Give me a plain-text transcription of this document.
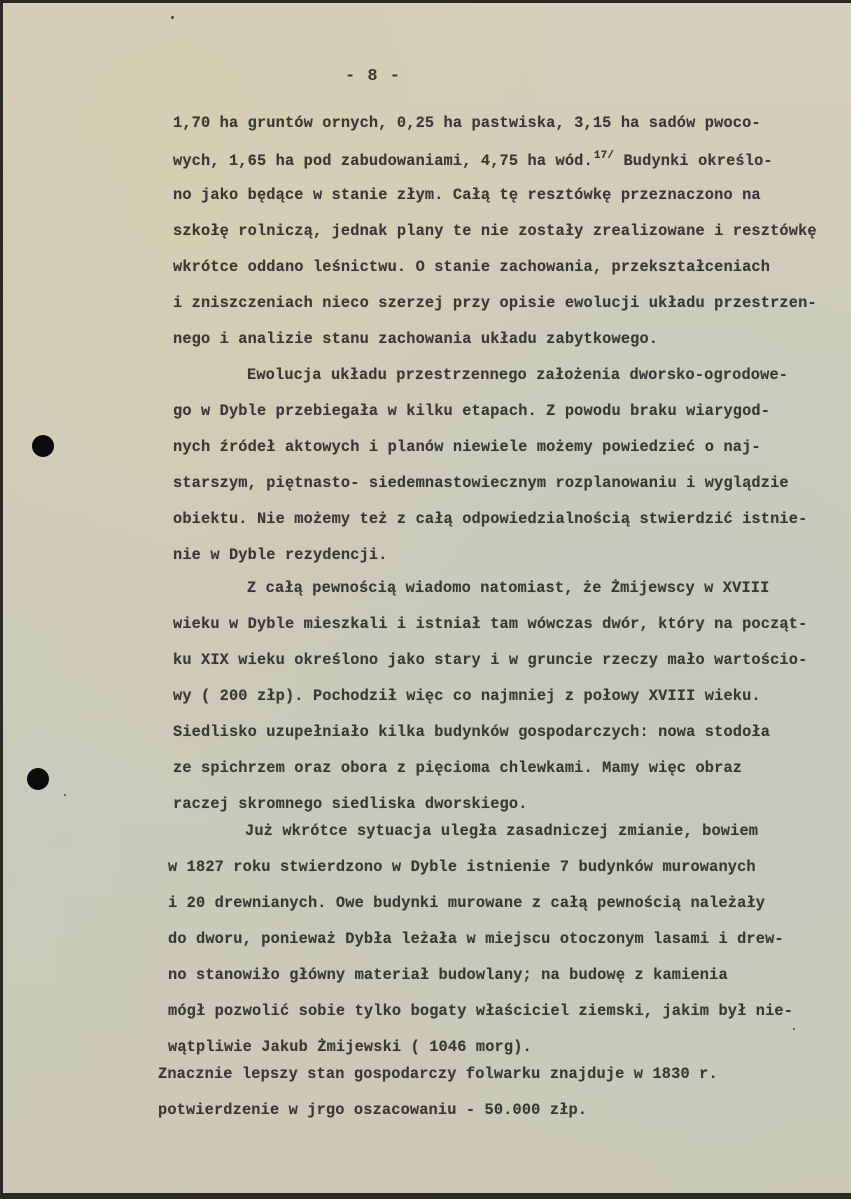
- 8 -
1,70 ha gruntów ornych, 0,25 ha pastwiska, 3,15 ha sadów pwoco-
wych, 1,65 ha pod zabudowaniami, 4,75 ha wód.$^{17/}$ Budynki określo-
no jako będące w stanie złym. Całą tę resztówkę przeznaczono na
szkołę rolniczą, jednak plany te nie zostały zrealizowane i resztówkę
wkrótce oddano leśnictwu. O stanie zachowania, przekształceniach
i zniszczeniach nieco szerzej przy opisie ewolucji układu przestrzen-
nego i analizie stanu zachowania układu zabytkowego.
Ewolucja układu przestrzennego założenia dworsko-ogrodowe-
go w Dyble przebiegała w kilku etapach. Z powodu braku wiarygod-
nych źródeł aktowych i planów niewiele możemy powiedzieć o naj-
starszym, piętnasto- siedemnastowiecznym rozplanowaniu i wyglądzie
obiektu. Nie możemy też z całą odpowiedzialnością stwierdzić istnie-
nie w Dyble rezydencji.
Z całą pewnością wiadomo natomiast, że Żmijewscy w XVIII
wieku w Dyble mieszkali i istniał tam wówczas dwór, który na począt-
ku XIX wieku określono jako stary i w gruncie rzeczy mało wartościo-
wy ( 200 złp). Pochodził więc co najmniej z połowy XVIII wieku.
Siedlisko uzupełniało kilka budynków gospodarczych: nowa stodoła
ze spichrzem oraz obora z pięcioma chlewkami. Mamy więc obraz
raczej skromnego siedliska dworskiego.
Już wkrótce sytuacja uległa zasadniczej zmianie, bowiem
w 1827 roku stwierdzono w Dyble istnienie 7 budynków murowanych
i 20 drewnianych. Owe budynki murowane z całą pewnością należały
do dworu, ponieważ Dybła leżała w miejscu otoczonym lasami i drew-
no stanowiło główny materiał budowlany; na budowę z kamienia
mógł pozwolić sobie tylko bogaty właściciel ziemski, jakim był nie-
wątpliwie Jakub Żmijewski ( 1046 morg).
Znacznie lepszy stan gospodarczy folwarku znajduje w 1830 r.
potwierdzenie w jrgo oszacowaniu - 50.000 złp.
